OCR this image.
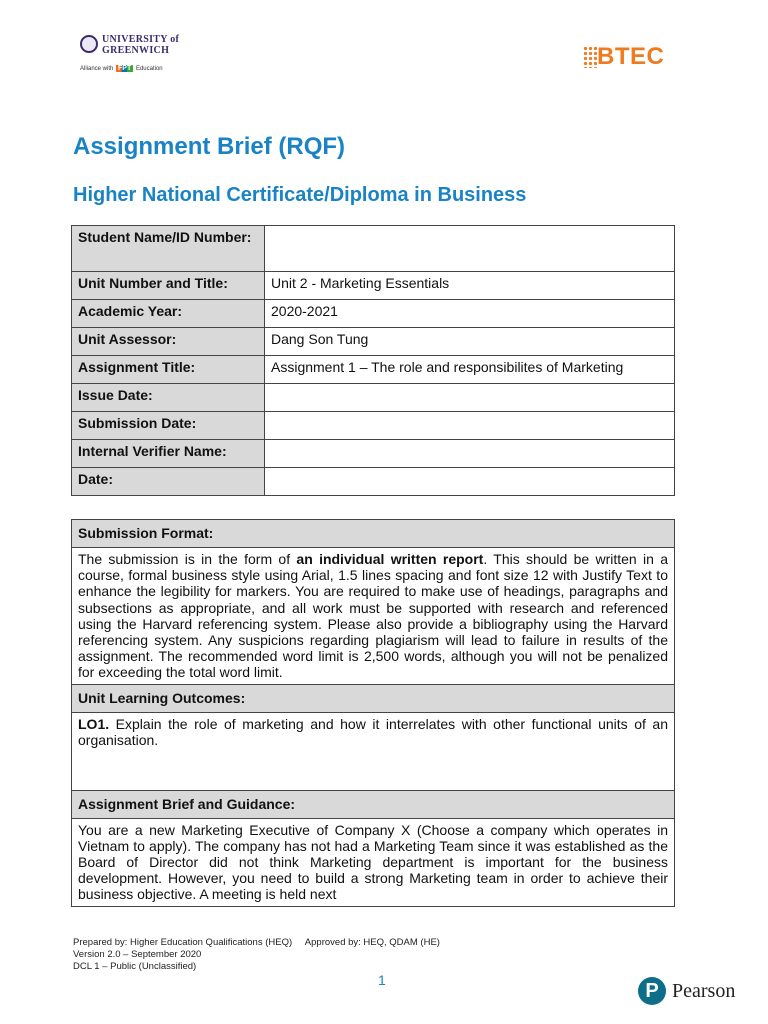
UNIVERSITY of
GREENWICH
Alliance with FPT Education	BTEC
Assignment Brief (RQF)
Higher National Certificate/Diploma in Business
Student Name/ID Number:	
Unit Number and Title:	Unit 2 - Marketing Essentials
Academic Year:	2020-2021
Unit Assessor:	Dang Son Tung
Assignment Title:	Assignment 1 – The role and responsibilites of Marketing
Issue Date:	
Submission Date:	
Internal Verifier Name:	
Date:	
Submission Format:
The submission is in the form of an individual written report. This should be written in a course, formal business style using Arial, 1.5 lines spacing and font size 12 with Justify Text to enhance the legibility for markers. You are required to make use of headings, paragraphs and subsections as appropriate, and all work must be supported with research and referenced using the Harvard referencing system. Please also provide a bibliography using the Harvard referencing system. Any suspicions regarding plagiarism will lead to failure in results of the assignment. The recommended word limit is 2,500 words, although you will not be penalized for exceeding the total word limit.
Unit Learning Outcomes:
LO1. Explain the role of marketing and how it interrelates with other functional units of an organisation.
Assignment Brief and Guidance:
You are a new Marketing Executive of Company X (Choose a company which operates in Vietnam to apply). The company has not had a Marketing Team since it was established as the Board of Director did not think Marketing department is important for the business development. However, you need to build a strong Marketing team in order to achieve their business objective. A meeting is held next
Prepared by: Higher Education Qualifications (HEQ)     Approved by: HEQ, QDAM (HE)
Version 2.0 – September 2020
DCL 1 – Public (Unclassified)
1	P Pearson
